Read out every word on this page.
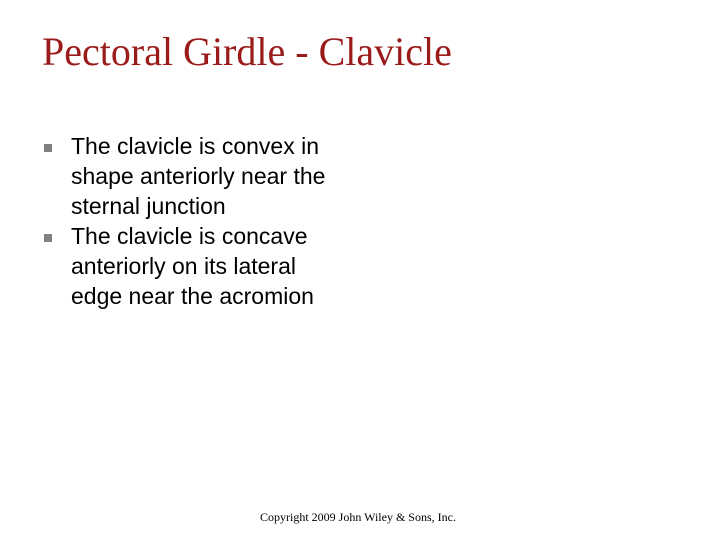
Pectoral Girdle - Clavicle
The clavicle is convex in shape anteriorly near the sternal junction
The clavicle is concave anteriorly on its lateral edge near the acromion

Copyright 2009 John Wiley & Sons, Inc.
